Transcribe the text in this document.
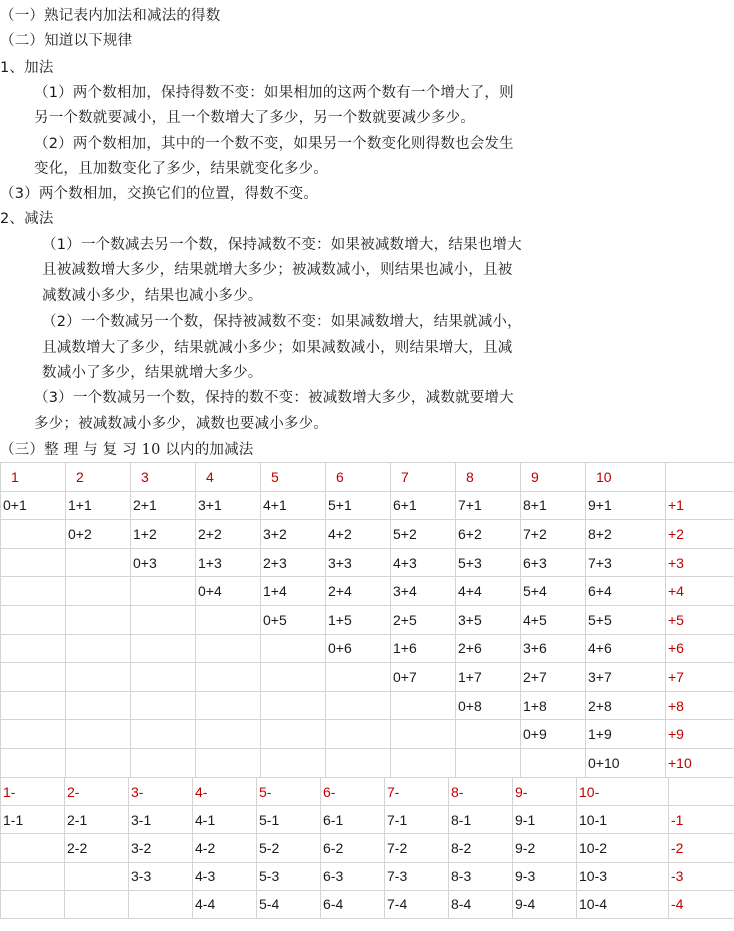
（一）熟记表内加法和减法的得数
（二）知道以下规律
1、加法
（1）两个数相加，保持得数不变：如果相加的这两个数有一个增大了，则
另一个数就要减小，且一个数增大了多少，另一个数就要减少多少。
（2）两个数相加，其中的一个数不变，如果另一个数变化则得数也会发生
变化，且加数变化了多少，结果就变化多少。
（3）两个数相加，交换它们的位置，得数不变。
2、减法
（1）一个数减去另一个数，保持减数不变：如果被减数增大，结果也增大
且被减数增大多少，结果就增大多少；被减数减小，则结果也减小，且被
减数减小多少，结果也减小多少。
（2）一个数减另一个数，保持被减数不变：如果减数增大，结果就减小，
且减数增大了多少，结果就减小多少；如果减数减小，则结果增大，且减
数减小了多少，结果就增大多少。
（3）一个数减另一个数，保持的数不变：被减数增大多少，减数就要增大
多少；被减数减小多少，减数也要减小多少。
（三）整 理 与 复 习 10 以内的加减法
1	2	3	4	5	6	7	8	9	10	
0+1	1+1	2+1	3+1	4+1	5+1	6+1	7+1	8+1	9+1	+1
	0+2	1+2	2+2	3+2	4+2	5+2	6+2	7+2	8+2	+2
		0+3	1+3	2+3	3+3	4+3	5+3	6+3	7+3	+3
			0+4	1+4	2+4	3+4	4+4	5+4	6+4	+4
				0+5	1+5	2+5	3+5	4+5	5+5	+5
					0+6	1+6	2+6	3+6	4+6	+6
						0+7	1+7	2+7	3+7	+7
							0+8	1+8	2+8	+8
								0+9	1+9	+9
									0+10	+10
1-	2-	3-	4-	5-	6-	7-	8-	9-	10-	
1-1	2-1	3-1	4-1	5-1	6-1	7-1	8-1	9-1	10-1	-1
	2-2	3-2	4-2	5-2	6-2	7-2	8-2	9-2	10-2	-2
		3-3	4-3	5-3	6-3	7-3	8-3	9-3	10-3	-3
			4-4	5-4	6-4	7-4	8-4	9-4	10-4	-4
